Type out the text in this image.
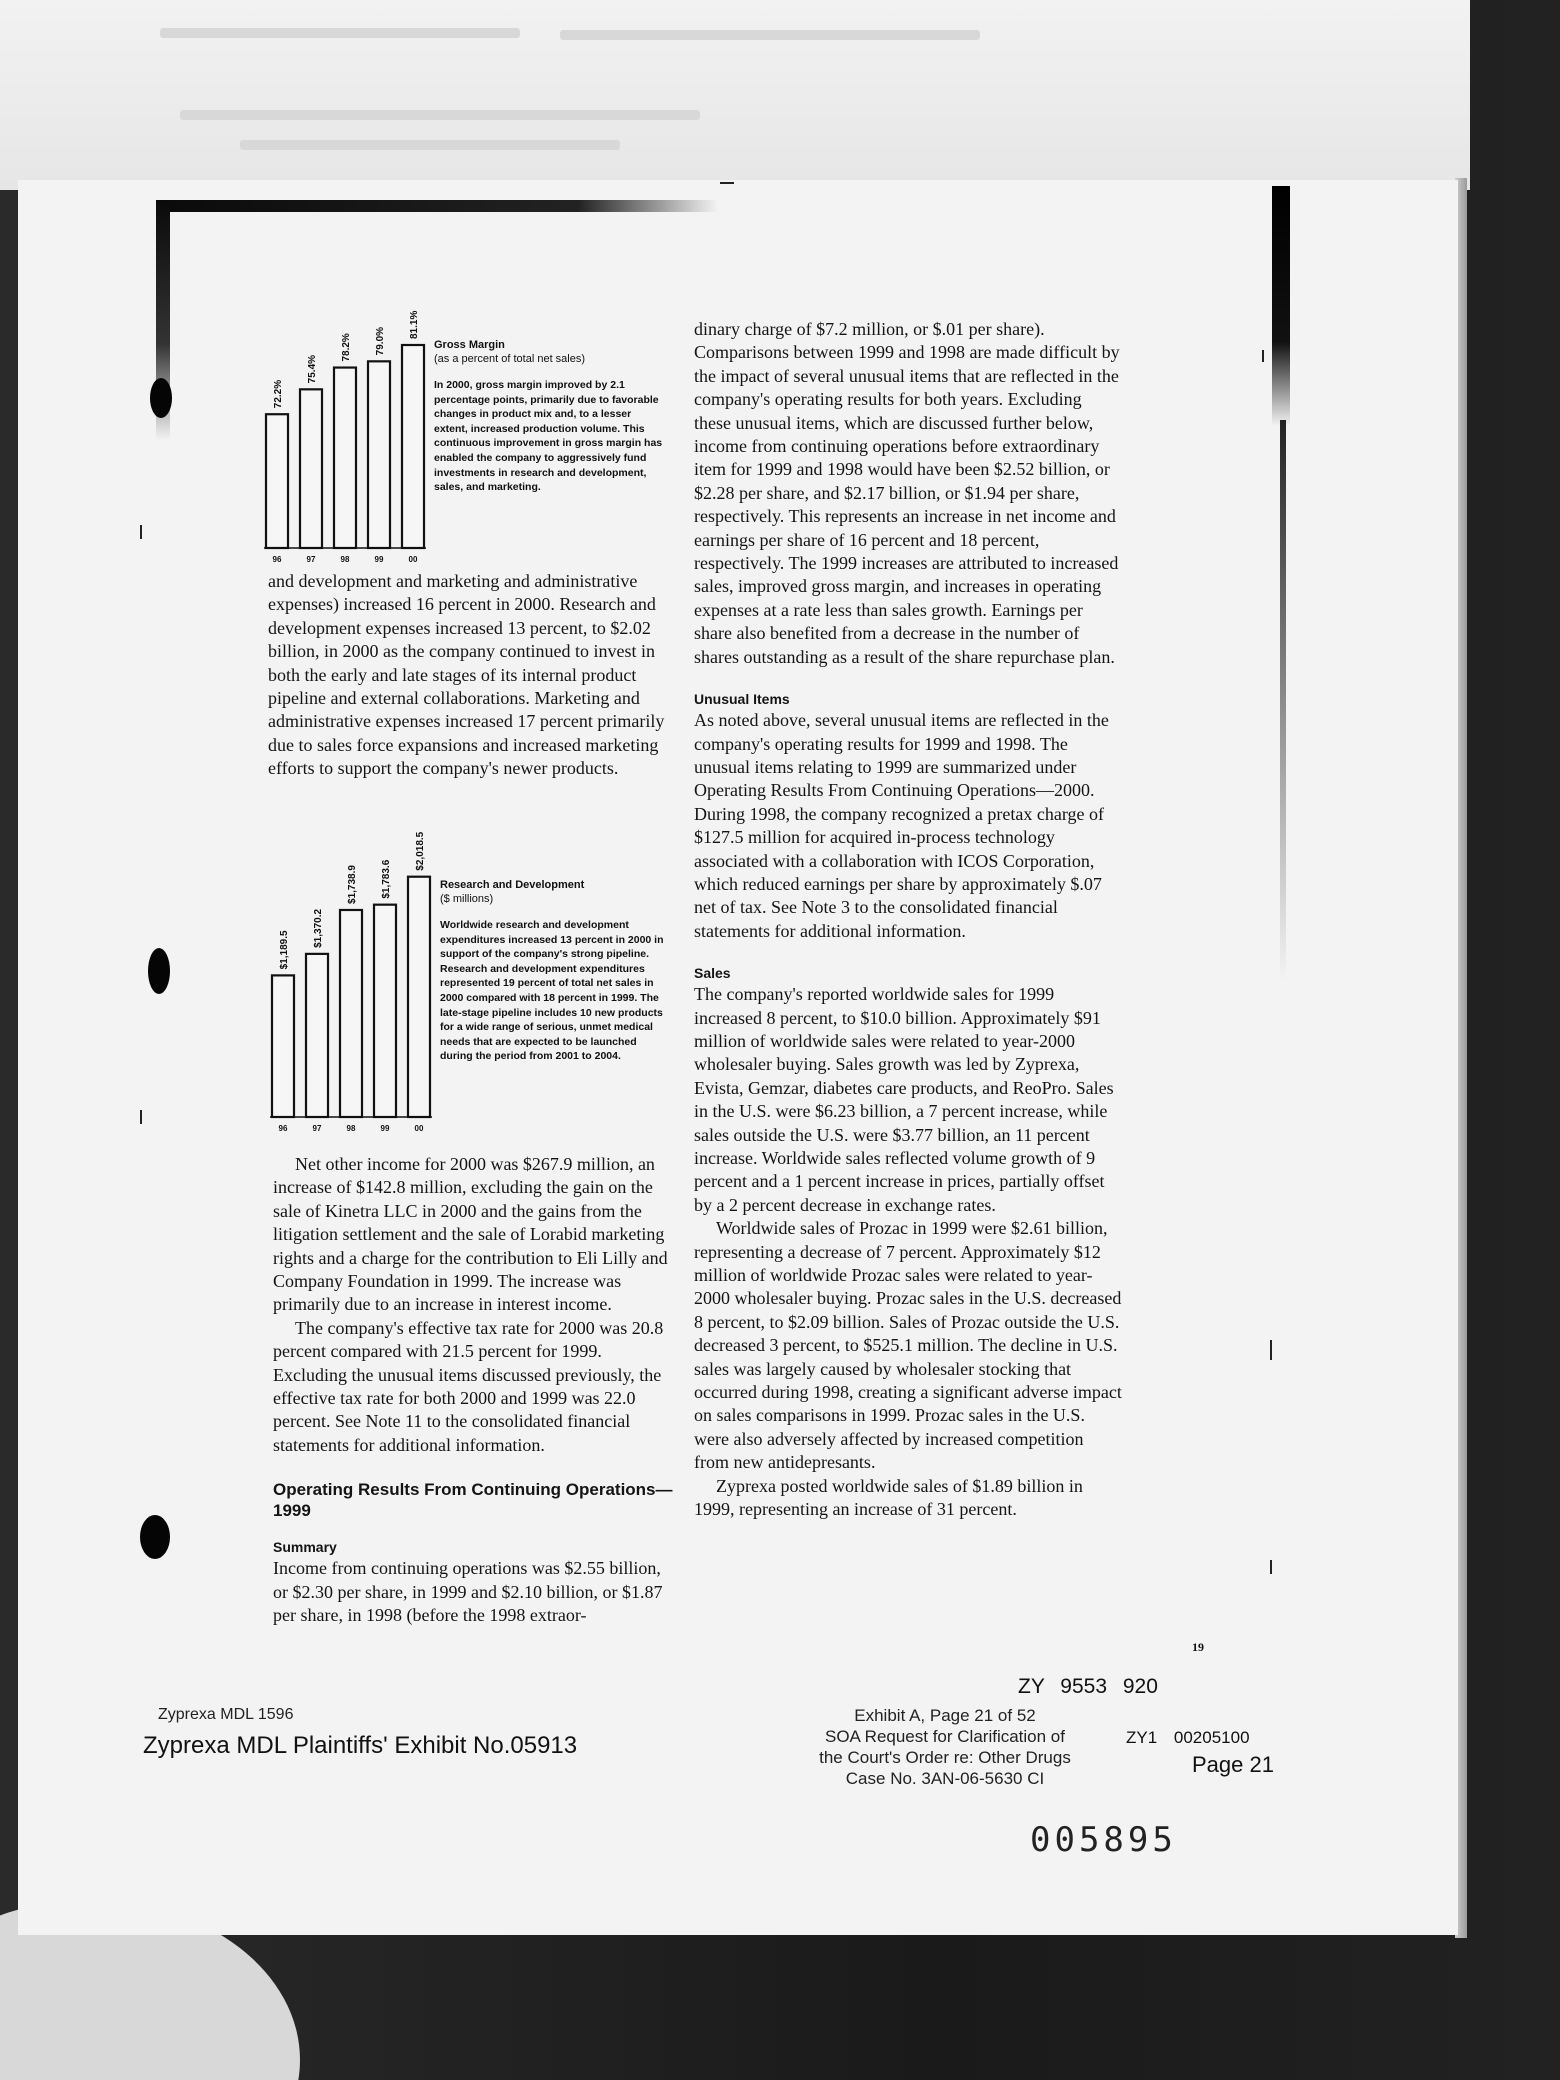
72.2%
96
75.4%
97
78.2%
98
79.0%
99
81.1%
00
Gross Margin
(as a percent of total net sales)
In 2000, gross margin improved by 2.1 percentage points, primarily due to favorable changes in product mix and, to a lesser extent, increased production volume. This continuous improvement in gross margin has enabled the company to aggressively fund investments in research and development, sales, and marketing.
$1,189.5
96
$1,370.2
97
$1,738.9
98
$1,783.6
99
$2,018.5
00
Research and Development
($ millions)
Worldwide research and development expenditures increased 13 percent in 2000 in support of the company's strong pipeline. Research and development expenditures represented 19 percent of total net sales in 2000 compared with 18 percent in 1999. The late-stage pipeline includes 10 new products for a wide range of serious, unmet medical needs that are expected to be launched during the period from 2001 to 2004.

and development and marketing and administrative expenses) increased 16 percent in 2000. Research and development expenses increased 13 percent, to $2.02 billion, in 2000 as the company continued to invest in both the early and late stages of its internal product pipeline and external collaborations. Marketing and administrative expenses increased 17 percent primarily due to sales force expansions and increased marketing efforts to support the company's newer products.

Net other income for 2000 was $267.9 million, an increase of $142.8 million, excluding the gain on the sale of Kinetra LLC in 2000 and the gains from the litigation settlement and the sale of Lorabid marketing rights and a charge for the contribution to Eli Lilly and Company Foundation in 1999. The increase was primarily due to an increase in interest income.

The company's effective tax rate for 2000 was 20.8 percent compared with 21.5 percent for 1999. Excluding the unusual items discussed previously, the effective tax rate for both 2000 and 1999 was 22.0 percent. See Note 11 to the consolidated financial statements for additional information.

Operating Results From Continuing Operations—1999
Summary

Income from continuing operations was $2.55 billion, or $2.30 per share, in 1999 and $2.10 billion, or $1.87 per share, in 1998 (before the 1998 extraor-

dinary charge of $7.2 million, or $.01 per share). Comparisons between 1999 and 1998 are made difficult by the impact of several unusual items that are reflected in the company's operating results for both years. Excluding these unusual items, which are discussed further below, income from continuing operations before extraordinary item for 1999 and 1998 would have been $2.52 billion, or $2.28 per share, and $2.17 billion, or $1.94 per share, respectively. This represents an increase in net income and earnings per share of 16 percent and 18 percent, respectively. The 1999 increases are attributed to increased sales, improved gross margin, and increases in operating expenses at a rate less than sales growth. Earnings per share also benefited from a decrease in the number of shares outstanding as a result of the share repurchase plan.

Unusual Items

As noted above, several unusual items are reflected in the company's operating results for 1999 and 1998. The unusual items relating to 1999 are summarized under Operating Results From Continuing Operations—2000. During 1998, the company recognized a pretax charge of $127.5 million for acquired in-process technology associated with a collaboration with ICOS Corporation, which reduced earnings per share by approximately $.07 net of tax. See Note 3 to the consolidated financial statements for additional information.

Sales

The company's reported worldwide sales for 1999 increased 8 percent, to $10.0 billion. Approximately $91 million of worldwide sales were related to year-2000 wholesaler buying. Sales growth was led by Zyprexa, Evista, Gemzar, diabetes care products, and ReoPro. Sales in the U.S. were $6.23 billion, a 7 percent increase, while sales outside the U.S. were $3.77 billion, an 11 percent increase. Worldwide sales reflected volume growth of 9 percent and a 1 percent increase in prices, partially offset by a 2 percent decrease in exchange rates.

Worldwide sales of Prozac in 1999 were $2.61 billion, representing a decrease of 7 percent. Approximately $12 million of worldwide Prozac sales were related to year-2000 wholesaler buying. Prozac sales in the U.S. decreased 8 percent, to $2.09 billion. Sales of Prozac outside the U.S. decreased 3 percent, to $525.1 million. The decline in U.S. sales was largely caused by wholesaler stocking that occurred during 1998, creating a significant adverse impact on sales comparisons in 1999. Prozac sales in the U.S. were also adversely affected by increased competition from new antidepresants.

Zyprexa posted worldwide sales of $1.89 billion in 1999, representing an increase of 31 percent.

19
ZY 9553 920
Exhibit A, Page 21 of 52
SOA Request for Clarification of
the Court's Order re: Other Drugs
Case No. 3AN-06-5630 CI
ZY1 00205100
Page 21
Zyprexa MDL 1596
Zyprexa MDL Plaintiffs' Exhibit No.05913
005895
